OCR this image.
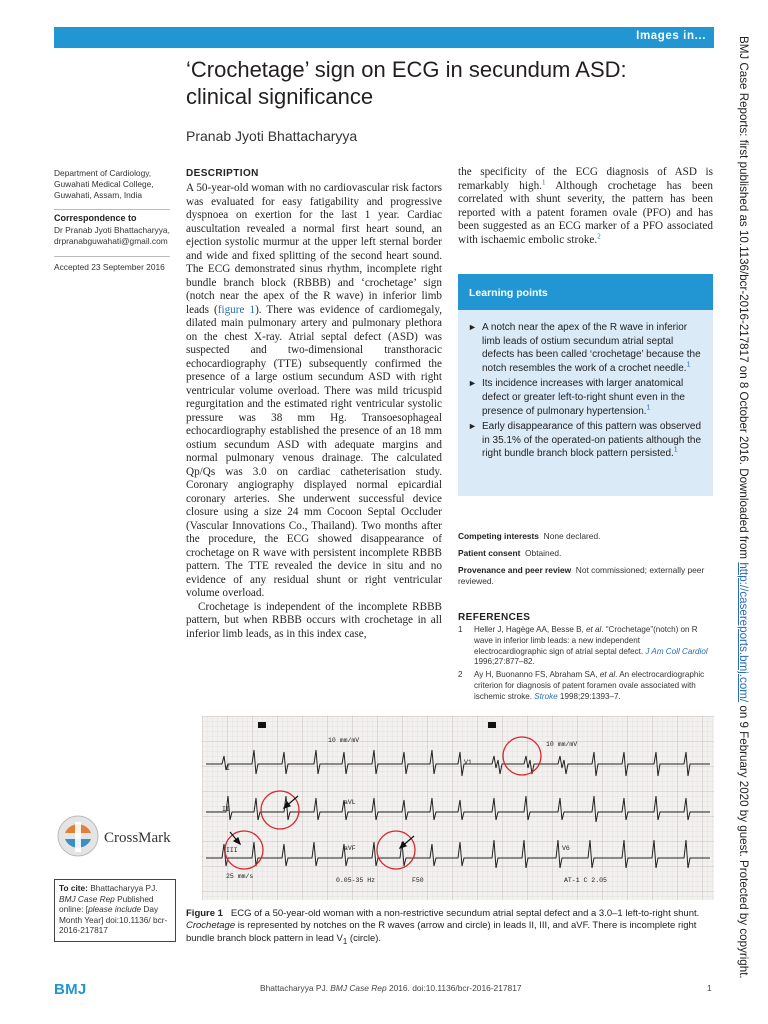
Images in...	BMJ Case Reports: first published as 10.1136/bcr-2016-217817 on 8 October 2016. Downloaded from http://casereports.bmj.com/ on 9 February 2020 by guest. Protected by copyright.
‘Crochetage’ sign on ECG in secundum ASD:
clinical significance
Pranab Jyoti Bhattacharyya
Department of Cardiology,
Guwahati Medical College,
Guwahati, Assam, India
Correspondence to
Dr Pranab Jyoti Bhattacharyya,
drpranabguwahati@gmail.com
Accepted 23 September 2016
DESCRIPTION

A 50-year-old woman with no cardiovascular risk factors was evaluated for easy fatigability and progressive dyspnoea on exertion for the last 1 year. Cardiac auscultation revealed a normal first heart sound, an ejection systolic murmur at the upper left sternal border and wide and fixed splitting of the second heart sound. The ECG demonstrated sinus rhythm, incomplete right bundle branch block (RBBB) and ‘crochetage’ sign (notch near the apex of the R wave) in inferior limb leads (figure 1). There was evidence of cardiomegaly, dilated main pulmonary artery and pulmonary plethora on the chest X-ray. Atrial septal defect (ASD) was suspected and two-dimensional transthoracic echocardiography (TTE) subsequently confirmed the presence of a large ostium secundum ASD with right ventricular volume overload. There was mild tricuspid regurgitation and the estimated right ventricular systolic pressure was 38 mm Hg. Transoesophageal echocardiography established the presence of an 18 mm ostium secundum ASD with adequate margins and normal pulmonary venous drainage. The calculated Qp/Qs was 3.0 on cardiac catheterisation study. Coronary angiography displayed normal epicardial coronary arteries. She underwent successful device closure using a size 24 mm Cocoon Septal Occluder (Vascular Innovations Co., Thailand). Two months after the procedure, the ECG showed disappearance of crochetage on R wave with persistent incomplete RBBB pattern. The TTE revealed the device in situ and no evidence of any residual shunt or right ventricular volume overload.

Crochetage is independent of the incomplete RBBB pattern, but when RBBB occurs with crochetage in all inferior limb leads, as in this index case,

the specificity of the ECG diagnosis of ASD is remarkably high.$^1$ Although crochetage has been correlated with shunt severity, the pattern has been reported with a patent foramen ovale (PFO) and has been suggested as an ECG marker of a PFO associated with ischaemic embolic stroke.$^2$

Learning points
► A notch near the apex of the R wave in inferior limb leads of ostium secundum atrial septal defects has been called ‘crochetage’ because the notch resembles the work of a crochet needle.$^1$
► Its incidence increases with larger anatomical defect or greater left-to-right shunt even in the presence of pulmonary hypertension.$^1$
► Early disappearance of this pattern was observed in 35.1% of the operated-on patients although the right bundle branch block pattern persisted.$^1$
Competing interests None declared.
Patient consent Obtained.
Provenance and peer review Not commissioned; externally peer reviewed.
REFERENCES
1 Heller J, Hagège AA, Besse B, et al. “Crochetage”(notch) on R wave in inferior limb leads: a new independent electrocardiographic sign of atrial septal defect. J Am Coll Cardiol 1996;27:877–82.
2 Ay H, Buonanno FS, Abraham SA, et al. An electrocardiographic criterion for diagnosis of patent foramen ovale associated with ischemic stroke. Stroke 1998;29:1393–7.
10 mm/mV
10 mm/mV
I
II
III
aVL
aVF
V1
V6
25 mm/s
0.05-35 Hz	F50	AT-1 C 2.05
CrossMark
To cite: Bhattacharyya PJ. BMJ Case Rep Published online: [please include Day Month Year] doi:10.1136/ bcr-2016-217817
Figure 1 ECG of a 50-year-old woman with a non-restrictive secundum atrial septal defect and a 3.0–1 left-to-right shunt. Crochetage is represented by notches on the R waves (arrow and circle) in leads II, III, and aVF. There is incomplete right bundle branch block pattern in lead $V_1$ (circle).
BMJ	Bhattacharyya PJ. BMJ Case Rep 2016. doi:10.1136/bcr-2016-217817	1
